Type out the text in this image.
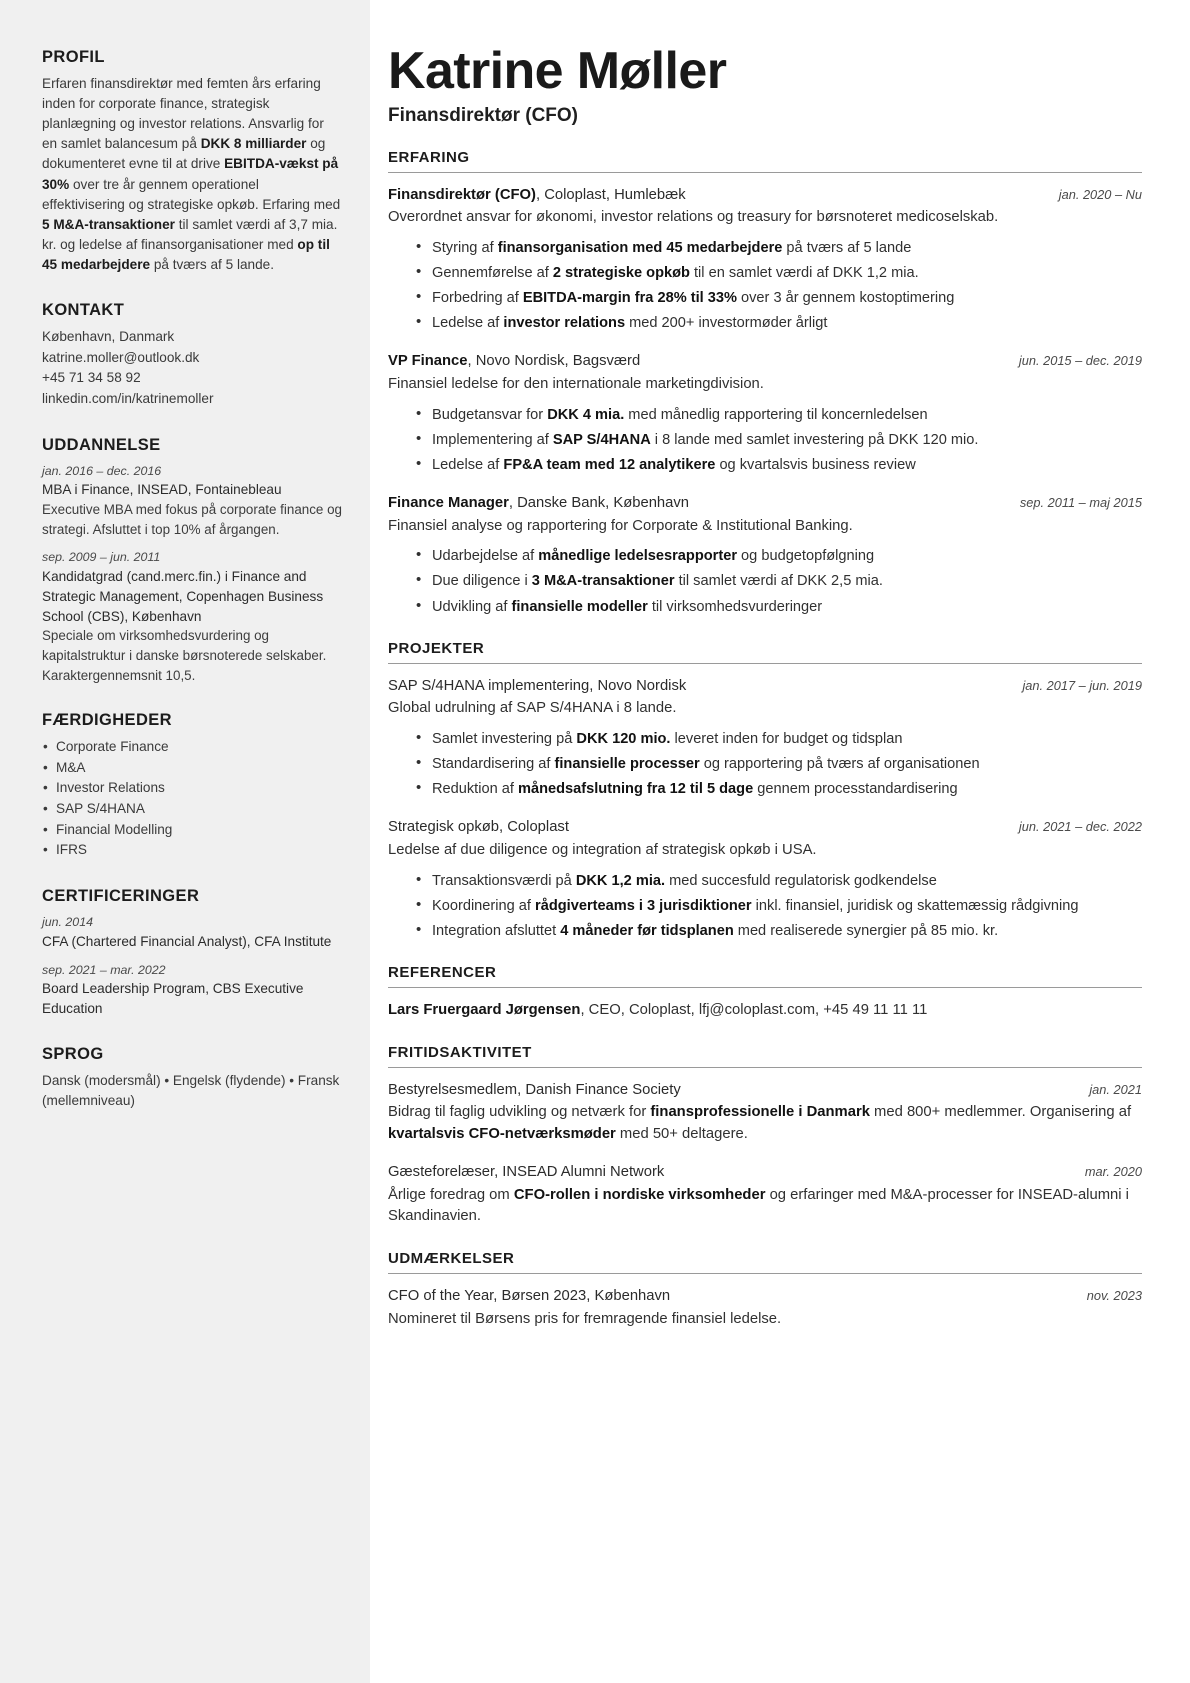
PROFIL

Erfaren finansdirektør med femten års erfaring inden for corporate finance, strategisk planlægning og investor relations. Ansvarlig for en samlet balancesum på DKK 8 milliarder og dokumenteret evne til at drive EBITDA-vækst på 30% over tre år gennem operationel effektivisering og strategiske opkøb. Erfaring med 5 M&A-transaktioner til samlet værdi af 3,7 mia. kr. og ledelse af finansorganisationer med op til 45 medarbejdere på tværs af 5 lande.

KONTAKT
København, Danmark
katrine.moller@outlook.dk
+45 71 34 58 92
linkedin.com/in/katrinemoller
UDDANNELSE
jan. 2016 – dec. 2016
MBA i Finance, INSEAD, Fontainebleau
Executive MBA med fokus på corporate finance og strategi. Afsluttet i top 10% af årgangen.
sep. 2009 – jun. 2011
Kandidatgrad (cand.merc.fin.) i Finance and Strategic Management, Copenhagen Business School (CBS), København
Speciale om virksomhedsvurdering og kapitalstruktur i danske børsnoterede selskaber. Karaktergennemsnit 10,5.
FÆRDIGHEDER
• Corporate Finance
• M&A
• Investor Relations
• SAP S/4HANA
• Financial Modelling
• IFRS
CERTIFICERINGER
jun. 2014
CFA (Chartered Financial Analyst), CFA Institute
sep. 2021 – mar. 2022
Board Leadership Program, CBS Executive Education
SPROG

Dansk (modersmål) • Engelsk (flydende) • Fransk (mellemniveau)

Katrine Møller
Finansdirektør (CFO)
ERFARING
Finansdirektør (CFO), Coloplast, Humlebæk	jan. 2020 – Nu
Overordnet ansvar for økonomi, investor relations og treasury for børsnoteret medicoselskab.
• Styring af finansorganisation med 45 medarbejdere på tværs af 5 lande
• Gennemførelse af 2 strategiske opkøb til en samlet værdi af DKK 1,2 mia.
• Forbedring af EBITDA-margin fra 28% til 33% over 3 år gennem kostoptimering
• Ledelse af investor relations med 200+ investormøder årligt
VP Finance, Novo Nordisk, Bagsværd	jun. 2015 – dec. 2019
Finansiel ledelse for den internationale marketingdivision.
• Budgetansvar for DKK 4 mia. med månedlig rapportering til koncernledelsen
• Implementering af SAP S/4HANA i 8 lande med samlet investering på DKK 120 mio.
• Ledelse af FP&A team med 12 analytikere og kvartalsvis business review
Finance Manager, Danske Bank, København	sep. 2011 – maj 2015
Finansiel analyse og rapportering for Corporate & Institutional Banking.
• Udarbejdelse af månedlige ledelsesrapporter og budgetopfølgning
• Due diligence i 3 M&A-transaktioner til samlet værdi af DKK 2,5 mia.
• Udvikling af finansielle modeller til virksomhedsvurderinger
PROJEKTER
SAP S/4HANA implementering, Novo Nordisk	jan. 2017 – jun. 2019
Global udrulning af SAP S/4HANA i 8 lande.
• Samlet investering på DKK 120 mio. leveret inden for budget og tidsplan
• Standardisering af finansielle processer og rapportering på tværs af organisationen
• Reduktion af månedsafslutning fra 12 til 5 dage gennem processtandardisering
Strategisk opkøb, Coloplast	jun. 2021 – dec. 2022
Ledelse af due diligence og integration af strategisk opkøb i USA.
• Transaktionsværdi på DKK 1,2 mia. med succesfuld regulatorisk godkendelse
• Koordinering af rådgiverteams i 3 jurisdiktioner inkl. finansiel, juridisk og skattemæssig rådgivning
• Integration afsluttet 4 måneder før tidsplanen med realiserede synergier på 85 mio. kr.
REFERENCER
Lars Fruergaard Jørgensen, CEO, Coloplast, lfj@coloplast.com, +45 49 11 11 11
FRITIDSAKTIVITET
Bestyrelsesmedlem, Danish Finance Society	jan. 2021
Bidrag til faglig udvikling og netværk for finansprofessionelle i Danmark med 800+ medlemmer. Organisering af kvartalsvis CFO-netværksmøder med 50+ deltagere.
Gæsteforelæser, INSEAD Alumni Network	mar. 2020
Årlige foredrag om CFO-rollen i nordiske virksomheder og erfaringer med M&A-processer for INSEAD-alumni i Skandinavien.
UDMÆRKELSER
CFO of the Year, Børsen 2023, København	nov. 2023
Nomineret til Børsens pris for fremragende finansiel ledelse.
